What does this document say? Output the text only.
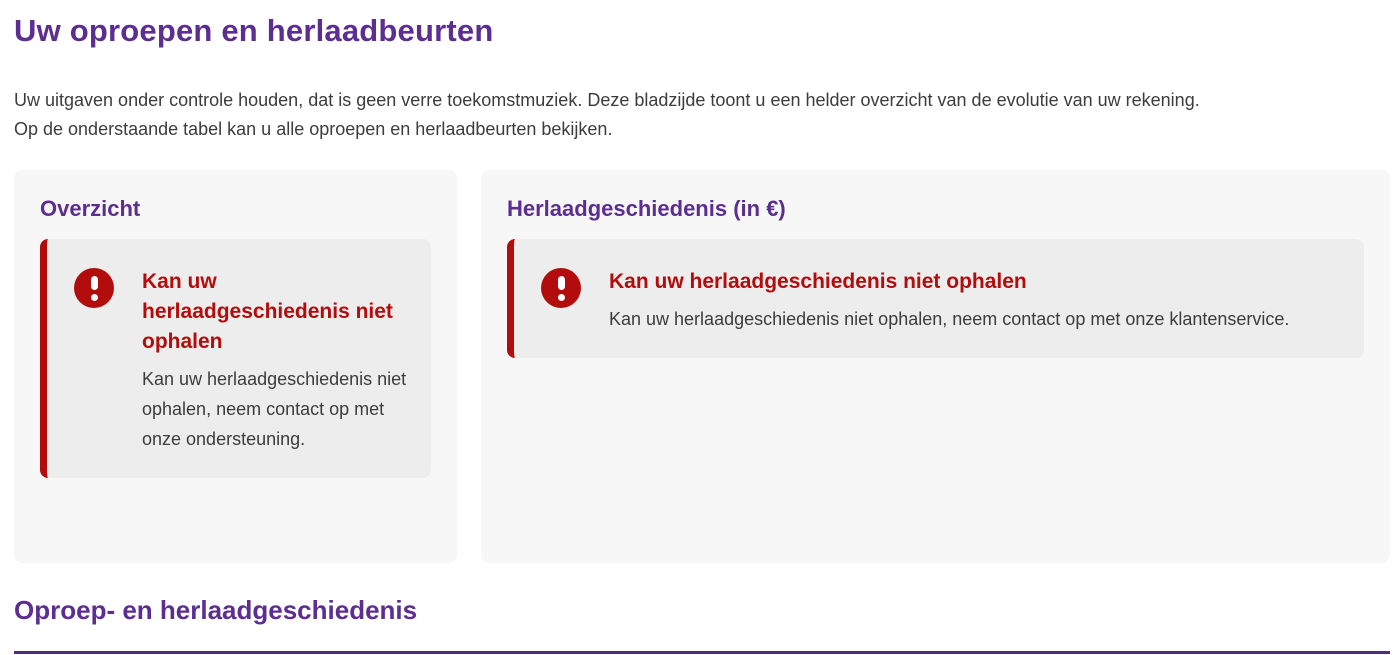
Uw oproepen en herlaadbeurten

Uw uitgaven onder controle houden, dat is geen verre toekomstmuziek. Deze bladzijde toont u een helder overzicht van de evolutie van uw rekening.
Op de onderstaande tabel kan u alle oproepen en herlaadbeurten bekijken.

Overzicht
Kan uw herlaadgeschiedenis niet ophalen
Kan uw herlaadgeschiedenis niet ophalen, neem contact op met onze ondersteuning.
Herlaadgeschiedenis (in €)
Kan uw herlaadgeschiedenis niet ophalen
Kan uw herlaadgeschiedenis niet ophalen, neem contact op met onze klantenservice.
Oproep- en herlaadgeschiedenis
